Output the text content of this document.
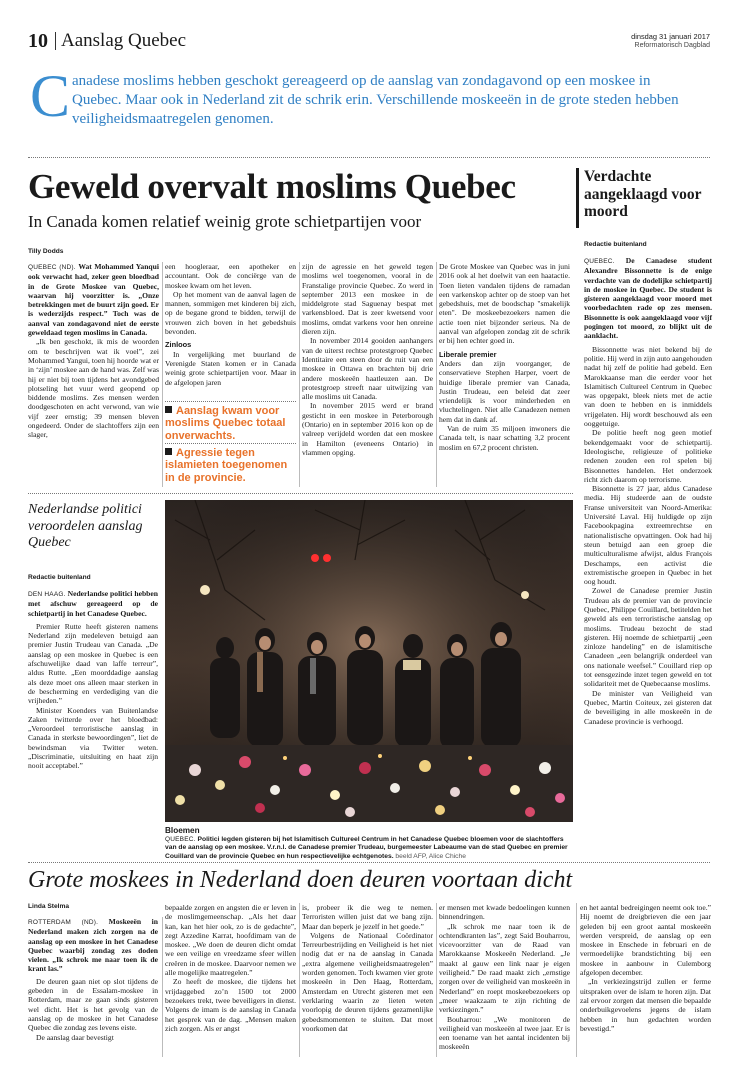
10 Aanslag Quebec	dinsdag 31 januari 2017
Reformatorisch Dagblad
C anadese moslims hebben geschokt gereageerd op de aanslag van zondagavond op een moskee in Quebec. Maar ook in Nederland zit de schrik erin. Verschillende moskeeën in de grote steden hebben veiligheidsmaatregelen genomen.
Geweld overvalt moslims Quebec
In Canada komen relatief weinig grote schietpartijen voor
Tilly Dodds

QUEBEC (ND). Wat Mohammed Yanqui ook verwacht had, zeker geen bloedbad in de Grote Moskee van Quebec, waarvan hij voorzitter is. „Onze betrekkingen met de buurt zijn goed. Er is wederzijds respect.” Toch was de aanval van zondagavond niet de eerste geweldaad tegen moslims in Canada.

„Ik ben geschokt, ik mis de woorden om te beschrijven wat ik voel”, zei Mohammed Yangui, toen hij hoorde wat er in ‘zijn’ moskee aan de hand was. Zelf was hij er niet bij toen tijdens het avondgebed plotseling het vuur werd geopend op biddende moslims. Zes mensen werden doodgeschoten en acht verwond, van wie vijf zeer ernstig; 39 mensen bleven ongedeerd. Onder de slachtoffers zijn een slager,

een hoogleraar, een apotheker en accountant. Ook de conciërge van de moskee kwam om het leven.

Op het moment van de aanval lagen de mannen, sommigen met kinderen bij zich, op de begane grond te bidden, terwijl de vrouwen zich boven in het gebedshuis bevonden.

Zinloos

In vergelijking met buurland de Verenigde Staten komen er in Canada weinig grote schietpartijen voor. Maar in de afgelopen jaren

Aanslag kwam voor moslims Quebec totaal onverwachts.
Agressie tegen islamieten toegenomen in de provincie.

zijn de agressie en het geweld tegen moslims wel toegenomen, vooral in de Franstalige provincie Quebec. Zo werd in september 2013 een moskee in de middelgrote stad Saguenay bespat met varkensbloed. Dat is zeer kwetsend voor moslims, omdat varkens voor hen onreine dieren zijn.

In november 2014 gooiden aanhangers van de uiterst rechtse protestgroep Quebec Identitaire een steen door de ruit van een moskee in Ottawa en brachten bij drie andere moskeeën haatleuzen aan. De protestgroep streeft naar uitwijzing van alle moslims uit Canada.

In november 2015 werd er brand gesticht in een moskee in Peterborough (Ontario) en in september 2016 kon op de valreep verijdeld worden dat een moskee in Hamilton (eveneens Ontario) in vlammen opging.

De Grote Moskee van Quebec was in juni 2016 ook al het doelwit van een haatactie. Toen lieten vandalen tijdens de ramadan een varkenskop achter op de stoep van het gebedshuis, met de boodschap "smakelijk eten". De moskeebezoekers namen die actie toen niet bijzonder serieus. Na de aanval van afgelopen zondag zit de schrik er bij hen echter goed in.

Liberale premier

Anders dan zijn voorganger, de conservatieve Stephen Harper, voert de huidige liberale premier van Canada, Justin Trudeau, een beleid dat zeer vriendelijk is voor minderheden en vluchtelingen. Niet alle Canadezen nemen hem dat in dank af.

Van de ruim 35 miljoen inwoners die Canada telt, is naar schatting 3,2 procent moslim en 67,2 procent christen.

Verdachte aangeklaagd voor moord
Redactie buitenland

QUEBEC. De Canadese student Alexandre Bissonnette is de enige verdachte van de dodelijke schietpartij in de moskee in Quebec. De student is gisteren aangeklaagd voor moord met voorbedachten rade op zes mensen. Bisonnette is ook aangeklaagd voor vijf pogingen tot moord, zo blijkt uit de aanklacht.

Bissonnette was niet bekend bij de politie. Hij werd in zijn auto aangehouden nadat hij zelf de politie had gebeld. Een Marokkaanse man die eerder voor het Islamitisch Cultureel Centrum in Quebec was opgepakt, bleek niets met de actie van doen te hebben en is inmiddels vrijgelaten. Hij wordt beschouwd als een ooggetuige.

De politie heeft nog geen motief bekendgemaakt voor de schietpartij. Ideologische, religieuze of politieke redenen zouden een rol spelen bij Bisonnettes handelen. Het onderzoek richt zich daarom op terrorisme.

Bisonnette is 27 jaar, aldus Canadese media. Hij studeerde aan de oudste Franse universiteit van Noord-Amerika: Université Laval. Hij huldigde op zijn Facebookpagina extreemrechtse en nationalistische opvattingen. Ook had hij steun betuigd aan een groep die multiculturalisme afwijst, aldus François Deschamps, een activist die extremistische groepen in Quebec in het oog houdt.

Zowel de Canadese premier Justin Trudeau als de premier van de provincie Quebec, Philippe Couillard, betitelden het geweld als een terroristische aanslag op moslims. Trudeau bezocht de stad gisteren. Hij noemde de schietpartij „een zinloze handeling” en de islamitische Canadeen „een belangrijk onderdeel van ons nationale weefsel.” Couillard riep op tot eensgezinde inzet tegen geweld en tot solidariteit met de Quebecaanse moslims.

De minister van Veiligheid van Quebec, Martin Coiteux, zei gisteren dat de beveiliging in alle moskeeën in de Canadese provincie is verhoogd.

Nederlandse politici veroordelen aanslag Quebec
Redactie buitenland

DEN HAAG. Nederlandse politici hebben met afschuw gereageerd op de schietpartij in het Canadese Quebec.

Premier Rutte heeft gisteren namens Nederland zijn medeleven betuigd aan premier Justin Trudeau van Canada. „De aanslag op een moskee in Quebec is een afschuwelijke daad van laffe terreur”, aldus Rutte. „Een moorddadige aanslag als deze moet ons alleen maar sterken in de bescherming en verdediging van die vrijheden.”

Minister Koenders van Buitenlandse Zaken twitterde over het bloedbad: „Veroordeel terroristische aanslag in Canada in sterkste bewoordingen”, liet de bewindsman via Twitter weten. „Discriminatie, uitsluiting en haat zijn nooit acceptabel.”

Bloemen
QUEBEC. Politici legden gisteren bij het Islamitisch Cultureel Centrum in het Canadese Quebec bloemen voor de slachtoffers van de aanslag op een moskee. V.r.n.l. de Canadese premier Trudeau, burgemeester Labeaume van de stad Quebec en premier Couillard van de provincie Quebec en hun respectievelijke echtgenotes. beeld AFP, Alice Chiche
Grote moskees in Nederland doen deuren voortaan dicht
Linda Stelma

ROTTERDAM (ND). Moskeeën in Nederland maken zich zorgen na de aanslag op een moskee in het Canadese Quebec waarbij zondag zes doden vielen. „Ik schrok me naar toen ik de krant las.”

De deuren gaan niet op slot tijdens de gebeden in de Essalam-moskee in Rotterdam, maar ze gaan sinds gisteren wel dicht. Het is het gevolg van de aanslag op de moskee in het Canadese Quebec die zondag zes levens eiste.

De aanslag daar bevestigt

bepaalde zorgen en angsten die er leven in de moslimgemeenschap. „Als het daar kan, kan het hier ook, zo is de gedachte”, zegt Azzedine Karrat, hoofdimam van de moskee. „We doen de deuren dicht omdat we een veilige en vreedzame sfeer willen creëren in de moskee. Daarvoor nemen we alle mogelijke maatregelen.”

Zo heeft de moskee, die tijdens het vrijdaggebed zo’n 1500 tot 2000 bezoekers trekt, twee beveiligers in dienst. Volgens de imam is de aanslag in Canada het gesprek van de dag. „Mensen maken zich zorgen. Als er angst

is, probeer ik die weg te nemen. Terroristen willen juist dat we bang zijn. Maar dan beperk je jezelf in het goede.”

Volgens de Nationaal Coördinator Terreurbestrijding en Veiligheid is het niet nodig dat er na de aanslag in Canada „extra algemene veiligheidsmaatregelen” worden genomen. Toch kwamen vier grote moskeeën in Den Haag, Rotterdam, Amsterdam en Utrecht gisteren met een verklaring waarin ze lieten weten voorlopig de deuren tijdens gezamenlijke gebedsmomenten te sluiten. Dat moet voorkomen dat

er mensen met kwade bedoelingen kunnen binnendringen.

„Ik schrok me naar toen ik de ochtendkranten las”, zegt Said Bouharrou, vicevoorzitter van de Raad van Marokkaanse Moskeeën Nederland. „Je maakt al gauw een link naar je eigen veiligheid.” De raad maakt zich „ernstige zorgen over de veiligheid van moskeeën in Nederland” en roept moskeebezoekers op „meer waakzaam te zijn richting de verkiezingen.”

Bouharrou: „We monitoren de veiligheid van moskeeën al twee jaar. Er is een toename van het aantal incidenten bij moskeeën

en het aantal bedreigingen neemt ook toe.” Hij noemt de dreigbrieven die een jaar geleden bij een groot aantal moskeeën werden verspreid, de aanslag op een moskee in Enschede in februari en de vermoedelijke brandstichting bij een moskee in aanbouw in Culemborg afgelopen december.

„In verkiezingstrijd zullen er ferme uitspraken over de islam te horen zijn. Dat zal ervoor zorgen dat mensen die bepaalde onderbuikgevoelens jegens de islam hebben in hun gedachten worden bevestigd.”
